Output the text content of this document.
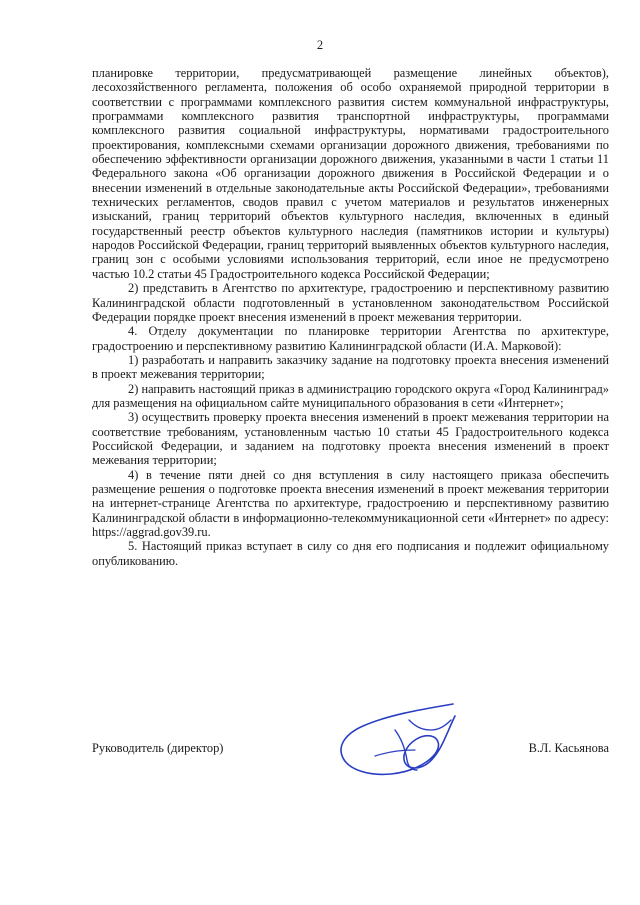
2

планировке территории, предусматривающей размещение линейных объектов), лесохозяйственного регламента, положения об особо охраняемой природной территории в соответствии с программами комплексного развития систем коммунальной инфраструктуры, программами комплексного развития транспортной инфраструктуры, программами комплексного развития социальной инфраструктуры, нормативами градостроительного проектирования, комплексными схемами организации дорожного движения, требованиями по обеспечению эффективности организации дорожного движения, указанными в части 1 статьи 11 Федерального закона «Об организации дорожного движения в Российской Федерации и о внесении изменений в отдельные законодательные акты Российской Федерации», требованиями технических регламентов, сводов правил с учетом материалов и результатов инженерных изысканий, границ территорий объектов культурного наследия, включенных в единый государственный реестр объектов культурного наследия (памятников истории и культуры) народов Российской Федерации, границ территорий выявленных объектов культурного наследия, границ зон с особыми условиями использования территорий, если иное не предусмотрено частью 10.2 статьи 45 Градостроительного кодекса Российской Федерации;

2) представить в Агентство по архитектуре, градостроению и перспективному развитию Калининградской области подготовленный в установленном законодательством Российской Федерации порядке проект внесения изменений в проект межевания территории.

4. Отделу документации по планировке территории Агентства по архитектуре, градостроению и перспективному развитию Калининградской области (И.А. Марковой):

1) разработать и направить заказчику задание на подготовку проекта внесения изменений в проект межевания территории;

2) направить настоящий приказ в администрацию городского округа «Город Калининград» для размещения на официальном сайте муниципального образования в сети «Интернет»;

3) осуществить проверку проекта внесения изменений в проект межевания территории на соответствие требованиям, установленным частью 10 статьи 45 Градостроительного кодекса Российской Федерации, и заданием на подготовку проекта внесения изменений в проект межевания территории;

4) в течение пяти дней со дня вступления в силу настоящего приказа обеспечить размещение решения о подготовке проекта внесения изменений в проект межевания территории на интернет-странице Агентства по архитектуре, градостроению и перспективному развитию Калининградской области в информационно-телекоммуникационной сети «Интернет» по адресу: https://aggrad.gov39.ru.

5. Настоящий приказ вступает в силу со дня его подписания и подлежит официальному опубликованию.

Руководитель (директор)	В.Л. Касьянова
